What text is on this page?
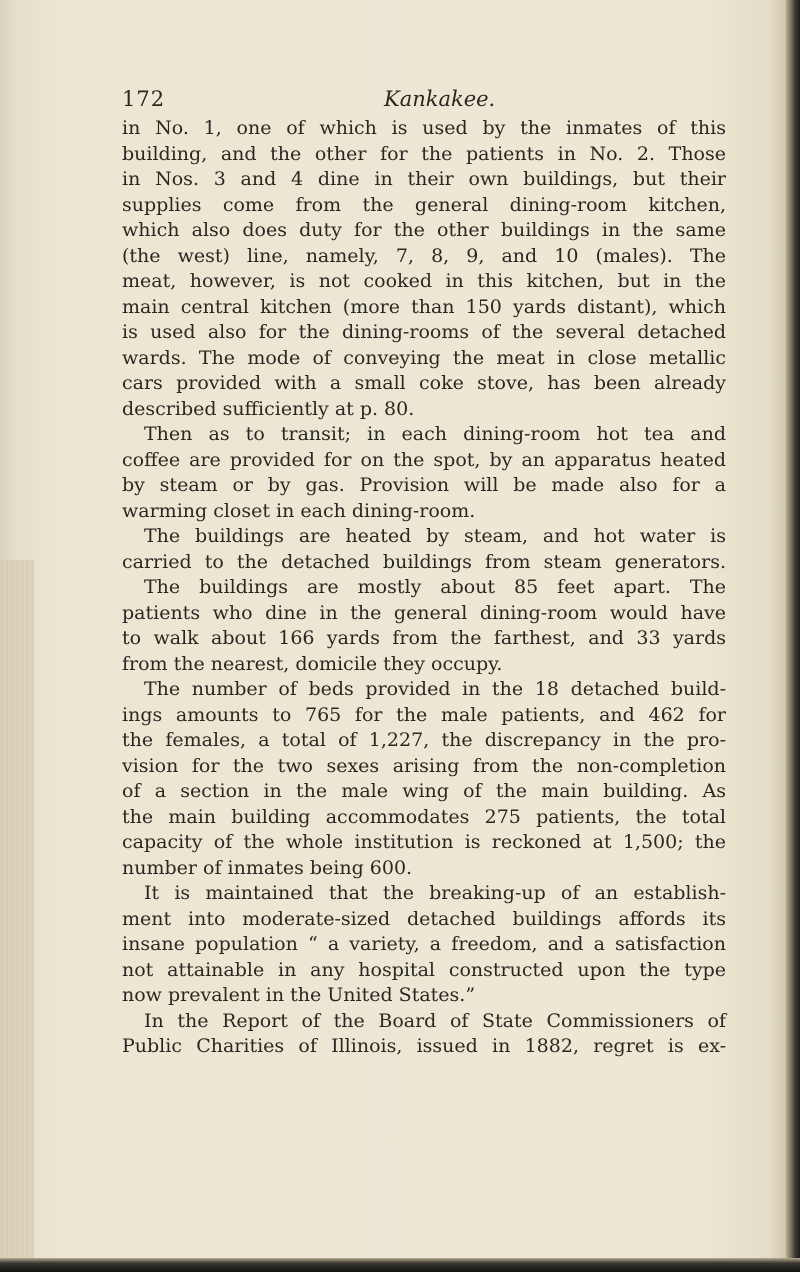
172	Kankakee.
in No. 1, one of which is used by the inmates of this
building, and the other for the patients in No. 2. Those
in Nos. 3 and 4 dine in their own buildings, but their
supplies come from the general dining-room kitchen,
which also does duty for the other buildings in the same
(the west) line, namely, 7, 8, 9, and 10 (males). The
meat, however, is not cooked in this kitchen, but in the
main central kitchen (more than 150 yards distant), which
is used also for the dining-rooms of the several detached
wards. The mode of conveying the meat in close metallic
cars provided with a small coke stove, has been already
described sufficiently at p. 80.
Then as to transit; in each dining-room hot tea and
coffee are provided for on the spot, by an apparatus heated
by steam or by gas. Provision will be made also for a
warming closet in each dining-room.
The buildings are heated by steam, and hot water is
carried to the detached buildings from steam generators.
The buildings are mostly about 85 feet apart. The
patients who dine in the general dining-room would have
to walk about 166 yards from the farthest, and 33 yards
from the nearest, domicile they occupy.
The number of beds provided in the 18 detached build-
ings amounts to 765 for the male patients, and 462 for
the females, a total of 1,227, the discrepancy in the pro-
vision for the two sexes arising from the non-completion
of a section in the male wing of the main building. As
the main building accommodates 275 patients, the total
capacity of the whole institution is reckoned at 1,500; the
number of inmates being 600.
It is maintained that the breaking-up of an establish-
ment into moderate-sized detached buildings affords its
insane population “ a variety, a freedom, and a satisfaction
not attainable in any hospital constructed upon the type
now prevalent in the United States.”
In the Report of the Board of State Commissioners of
Public Charities of Illinois, issued in 1882, regret is ex-
